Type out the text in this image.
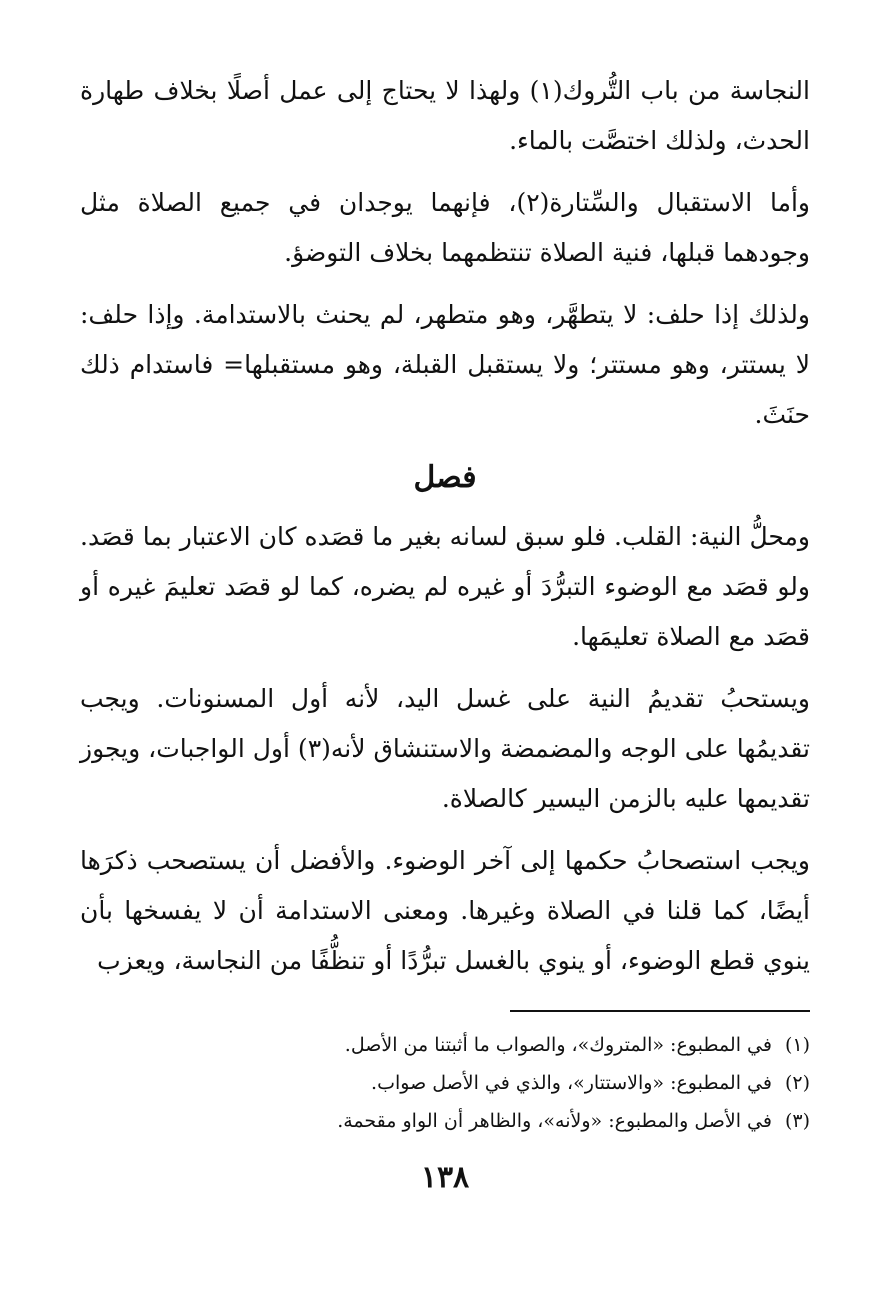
النجاسة من باب التُّروك(١) ولهذا لا يحتاج إلى عمل أصلًا بخلاف طهارة الحدث، ولذلك اختصَّت بالماء.

وأما الاستقبال والسِّتارة(٢)، فإنهما يوجدان في جميع الصلاة مثل وجودهما قبلها، فنية الصلاة تنتظمهما بخلاف التوضؤ.

ولذلك إذا حلف: لا يتطهَّر، وهو متطهر، لم يحنث بالاستدامة. وإذا حلف: لا يستتر، وهو مستتر؛ ولا يستقبل القبلة، وهو مستقبلها= فاستدام ذلك حنَثَ.

فصل

ومحلُّ النية: القلب. فلو سبق لسانه بغير ما قصَده كان الاعتبار بما قصَد. ولو قصَد مع الوضوء التبرُّدَ أو غيره لم يضره، كما لو قصَد تعليمَ غيره أو قصَد مع الصلاة تعليمَها.

ويستحبُ تقديمُ النية على غسل اليد، لأنه أول المسنونات. ويجب تقديمُها على الوجه والمضمضة والاستنشاق لأنه(٣) أول الواجبات، ويجوز تقديمها عليه بالزمن اليسير كالصلاة.

ويجب استصحابُ حكمها إلى آخر الوضوء. والأفضل أن يستصحب ذكرَها أيضًا، كما قلنا في الصلاة وغيرها. ومعنى الاستدامة أن لا يفسخها بأن ينوي قطع الوضوء، أو ينوي بالغسل تبرُّدًا أو تنظُّفًا من النجاسة، ويعزب

(١) في المطبوع: «المتروك»، والصواب ما أثبتنا من الأصل.

(٢) في المطبوع: «والاستتار»، والذي في الأصل صواب.

(٣) في الأصل والمطبوع: «ولأنه»، والظاهر أن الواو مقحمة.

١٣٨
